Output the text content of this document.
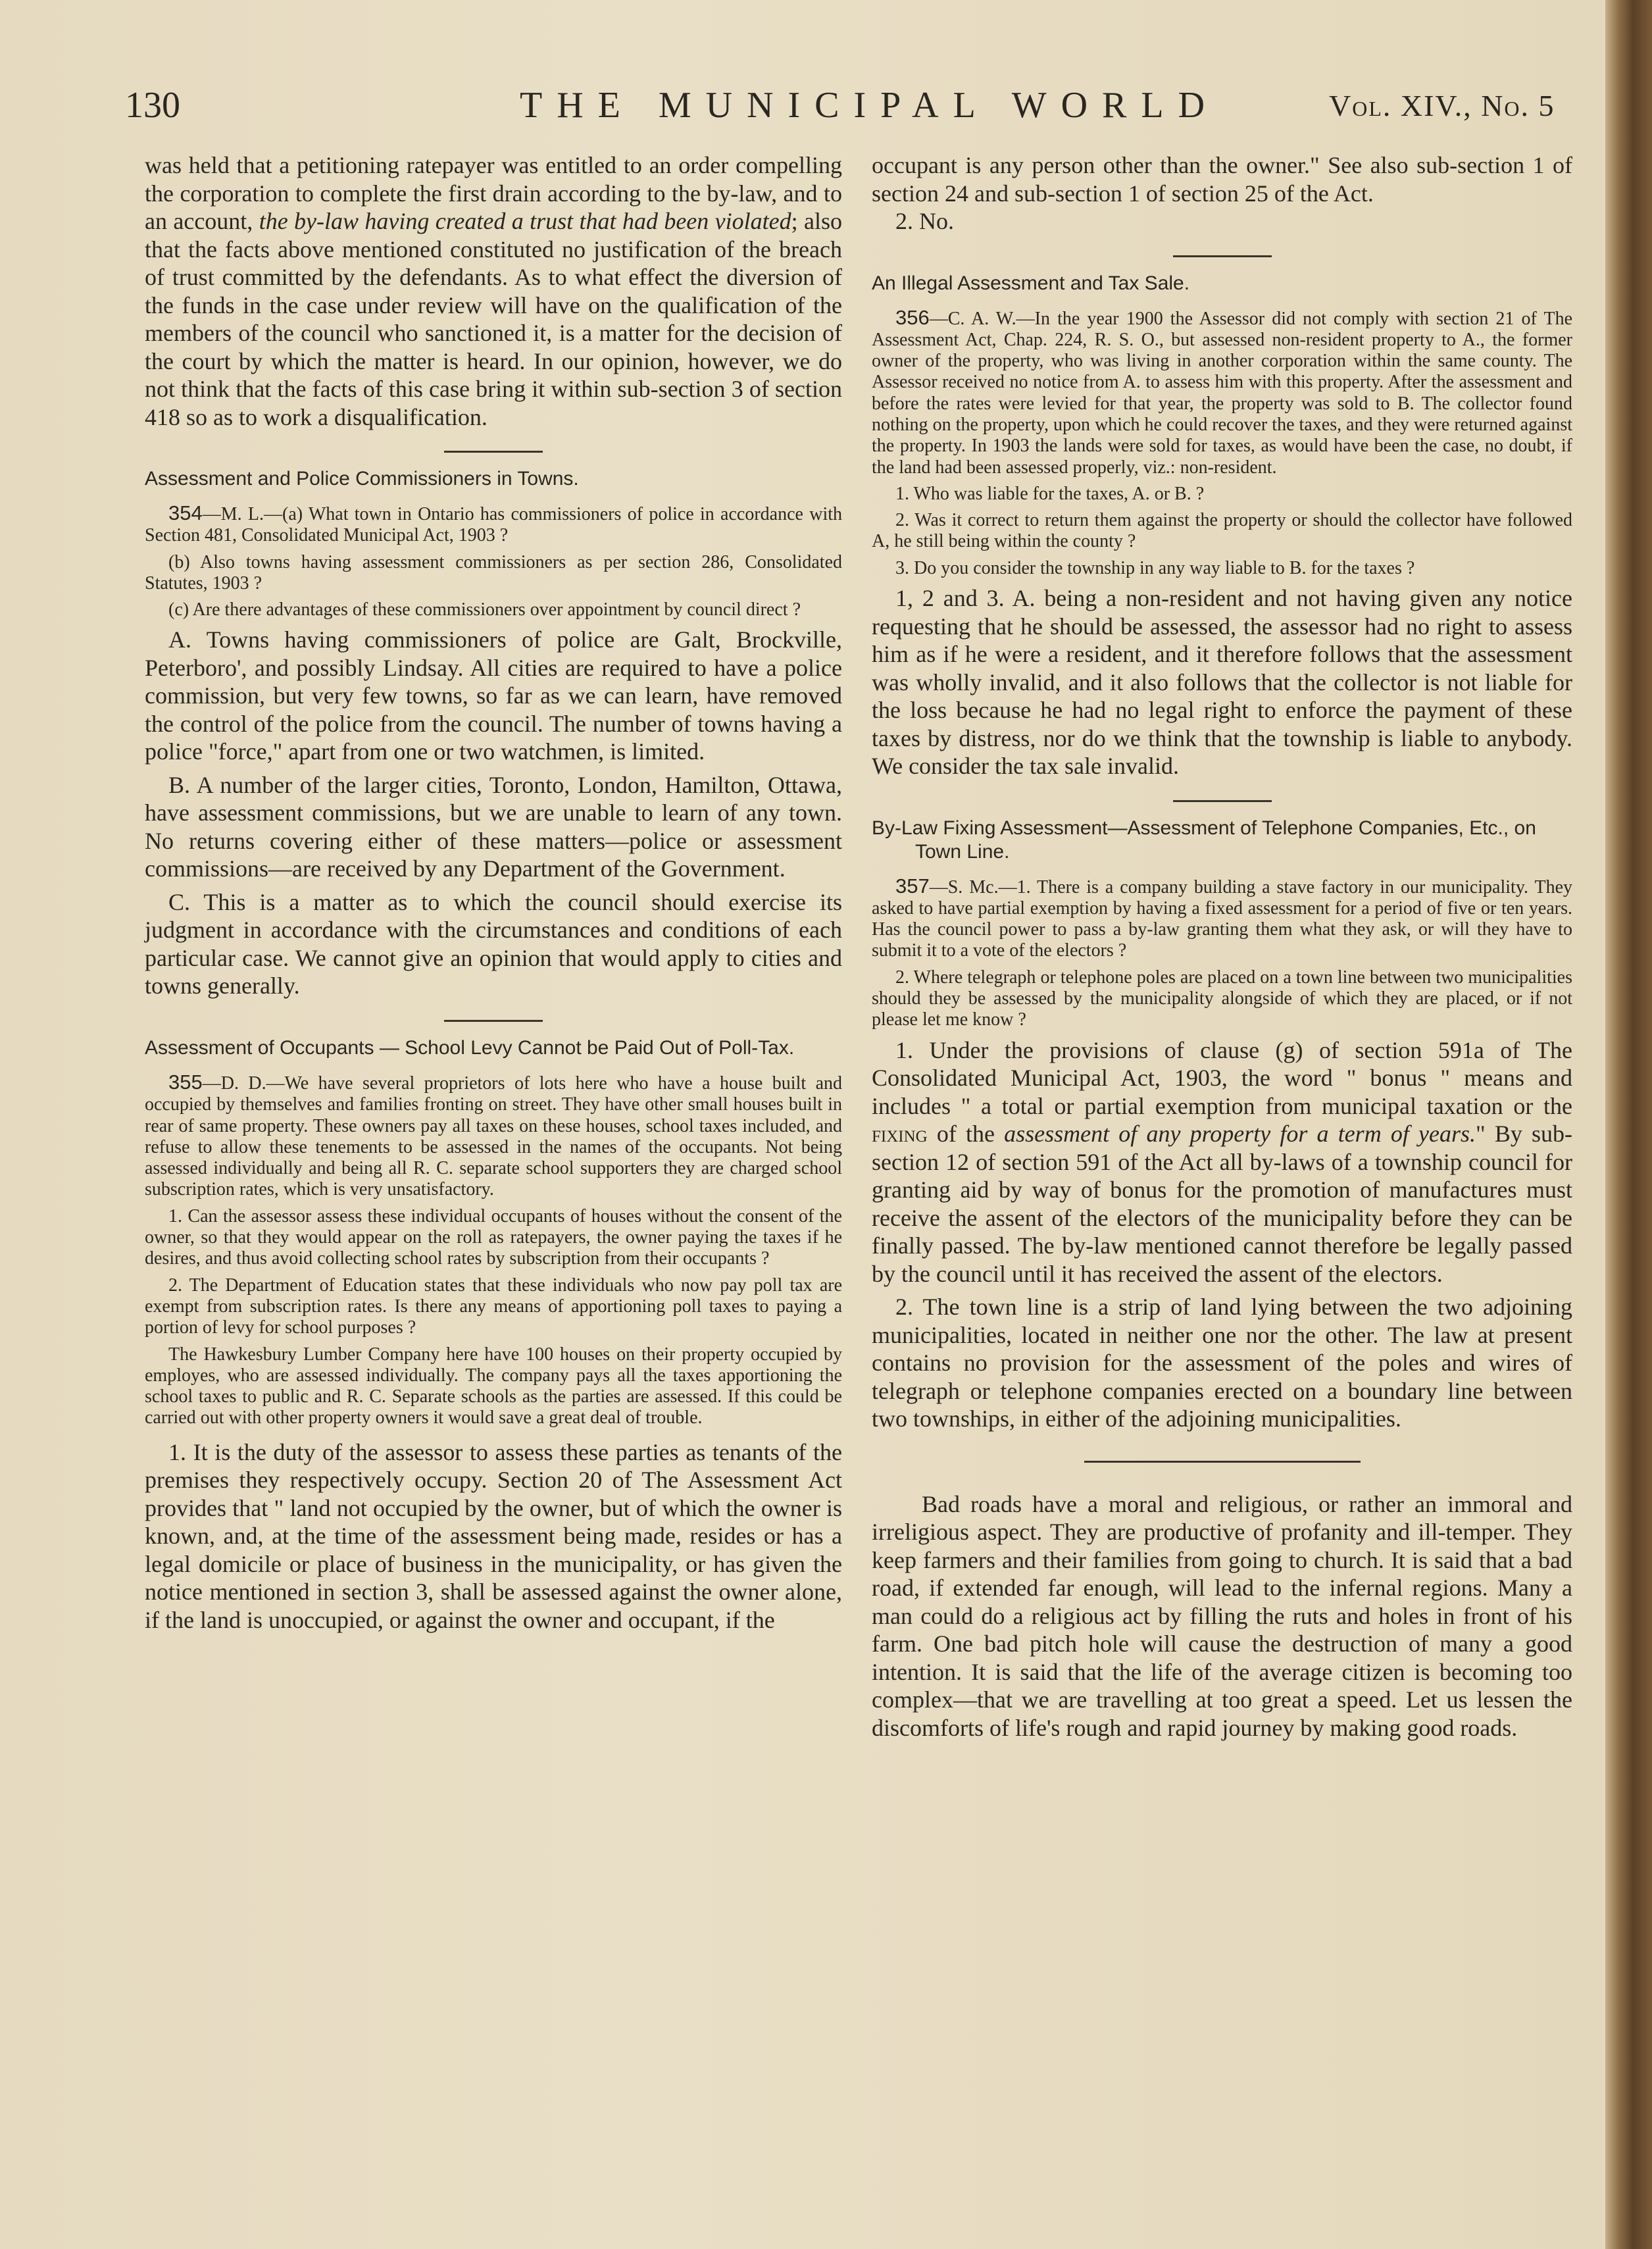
130	THE MUNICIPAL WORLD	Vol. XIV., No. 5

was held that a petitioning ratepayer was entitled to an order compelling the corporation to complete the first drain according to the by-law, and to an account, the by-law having created a trust that had been violated; also that the facts above mentioned constituted no justification of the breach of trust committed by the defendants. As to what effect the diversion of the funds in the case under review will have on the qualification of the members of the council who sanctioned it, is a matter for the decision of the court by which the matter is heard. In our opinion, however, we do not think that the facts of this case bring it within sub-section 3 of section 418 so as to work a disqualification.

Assessment and Police Commissioners in Towns.

354—M. L.—(a) What town in Ontario has commissioners of police in accordance with Section 481, Consolidated Municipal Act, 1903 ?

(b) Also towns having assessment commissioners as per section 286, Consolidated Statutes, 1903 ?

(c) Are there advantages of these commissioners over appointment by council direct ?

A. Towns having commissioners of police are Galt, Brockville, Peterboro', and possibly Lindsay. All cities are required to have a police commission, but very few towns, so far as we can learn, have removed the control of the police from the council. The number of towns having a police "force," apart from one or two watchmen, is limited.

B. A number of the larger cities, Toronto, London, Hamilton, Ottawa, have assessment commissions, but we are unable to learn of any town. No returns covering either of these matters—police or assessment commissions—are received by any Department of the Government.

C. This is a matter as to which the council should exercise its judgment in accordance with the circumstances and conditions of each particular case. We cannot give an opinion that would apply to cities and towns generally.

Assessment of Occupants — School Levy Cannot be Paid Out of Poll-Tax.

355—D. D.—We have several proprietors of lots here who have a house built and occupied by themselves and families fronting on street. They have other small houses built in rear of same property. These owners pay all taxes on these houses, school taxes included, and refuse to allow these tenements to be assessed in the names of the occupants. Not being assessed individually and being all R. C. separate school supporters they are charged school subscription rates, which is very unsatisfactory.

1. Can the assessor assess these individual occupants of houses without the consent of the owner, so that they would appear on the roll as ratepayers, the owner paying the taxes if he desires, and thus avoid collecting school rates by subscription from their occupants ?

2. The Department of Education states that these individuals who now pay poll tax are exempt from subscription rates. Is there any means of apportioning poll taxes to paying a portion of levy for school purposes ?

The Hawkesbury Lumber Company here have 100 houses on their property occupied by employes, who are assessed individually. The company pays all the taxes apportioning the school taxes to public and R. C. Separate schools as the parties are assessed. If this could be carried out with other property owners it would save a great deal of trouble.

1. It is the duty of the assessor to assess these parties as tenants of the premises they respectively occupy. Section 20 of The Assessment Act provides that " land not occupied by the owner, but of which the owner is known, and, at the time of the assessment being made, resides or has a legal domicile or place of business in the municipality, or has given the notice mentioned in section 3, shall be assessed against the owner alone, if the land is unoccupied, or against the owner and occupant, if the

occupant is any person other than the owner." See also sub-section 1 of section 24 and sub-section 1 of section 25 of the Act.

2. No.

An Illegal Assessment and Tax Sale.

356—C. A. W.—In the year 1900 the Assessor did not comply with section 21 of The Assessment Act, Chap. 224, R. S. O., but assessed non-resident property to A., the former owner of the property, who was living in another corporation within the same county. The Assessor received no notice from A. to assess him with this property. After the assessment and before the rates were levied for that year, the property was sold to B. The collector found nothing on the property, upon which he could recover the taxes, and they were returned against the property. In 1903 the lands were sold for taxes, as would have been the case, no doubt, if the land had been assessed properly, viz.: non-resident.

1. Who was liable for the taxes, A. or B. ?

2. Was it correct to return them against the property or should the collector have followed A, he still being within the county ?

3. Do you consider the township in any way liable to B. for the taxes ?

1, 2 and 3. A. being a non-resident and not having given any notice requesting that he should be assessed, the assessor had no right to assess him as if he were a resident, and it therefore follows that the assessment was wholly invalid, and it also follows that the collector is not liable for the loss because he had no legal right to enforce the payment of these taxes by distress, nor do we think that the township is liable to anybody. We consider the tax sale invalid.

By-Law Fixing Assessment—Assessment of Telephone Companies, Etc., on Town Line.

357—S. Mc.—1. There is a company building a stave factory in our municipality. They asked to have partial exemption by having a fixed assessment for a period of five or ten years. Has the council power to pass a by-law granting them what they ask, or will they have to submit it to a vote of the electors ?

2. Where telegraph or telephone poles are placed on a town line between two municipalities should they be assessed by the municipality alongside of which they are placed, or if not please let me know ?

1. Under the provisions of clause (g) of section 591a of The Consolidated Municipal Act, 1903, the word " bonus " means and includes " a total or partial exemption from municipal taxation or the fixing of the assessment of any property for a term of years." By sub-section 12 of section 591 of the Act all by-laws of a township council for granting aid by way of bonus for the promotion of manufactures must receive the assent of the electors of the municipality before they can be finally passed. The by-law mentioned cannot therefore be legally passed by the council until it has received the assent of the electors.

2. The town line is a strip of land lying between the two adjoining municipalities, located in neither one nor the other. The law at present contains no provision for the assessment of the poles and wires of telegraph or telephone companies erected on a boundary line between two townships, in either of the adjoining municipalities.

Bad roads have a moral and religious, or rather an immoral and irreligious aspect. They are productive of profanity and ill-temper. They keep farmers and their families from going to church. It is said that a bad road, if extended far enough, will lead to the infernal regions. Many a man could do a religious act by filling the ruts and holes in front of his farm. One bad pitch hole will cause the destruction of many a good intention. It is said that the life of the average citizen is becoming too complex—that we are travelling at too great a speed. Let us lessen the discomforts of life's rough and rapid journey by making good roads.
